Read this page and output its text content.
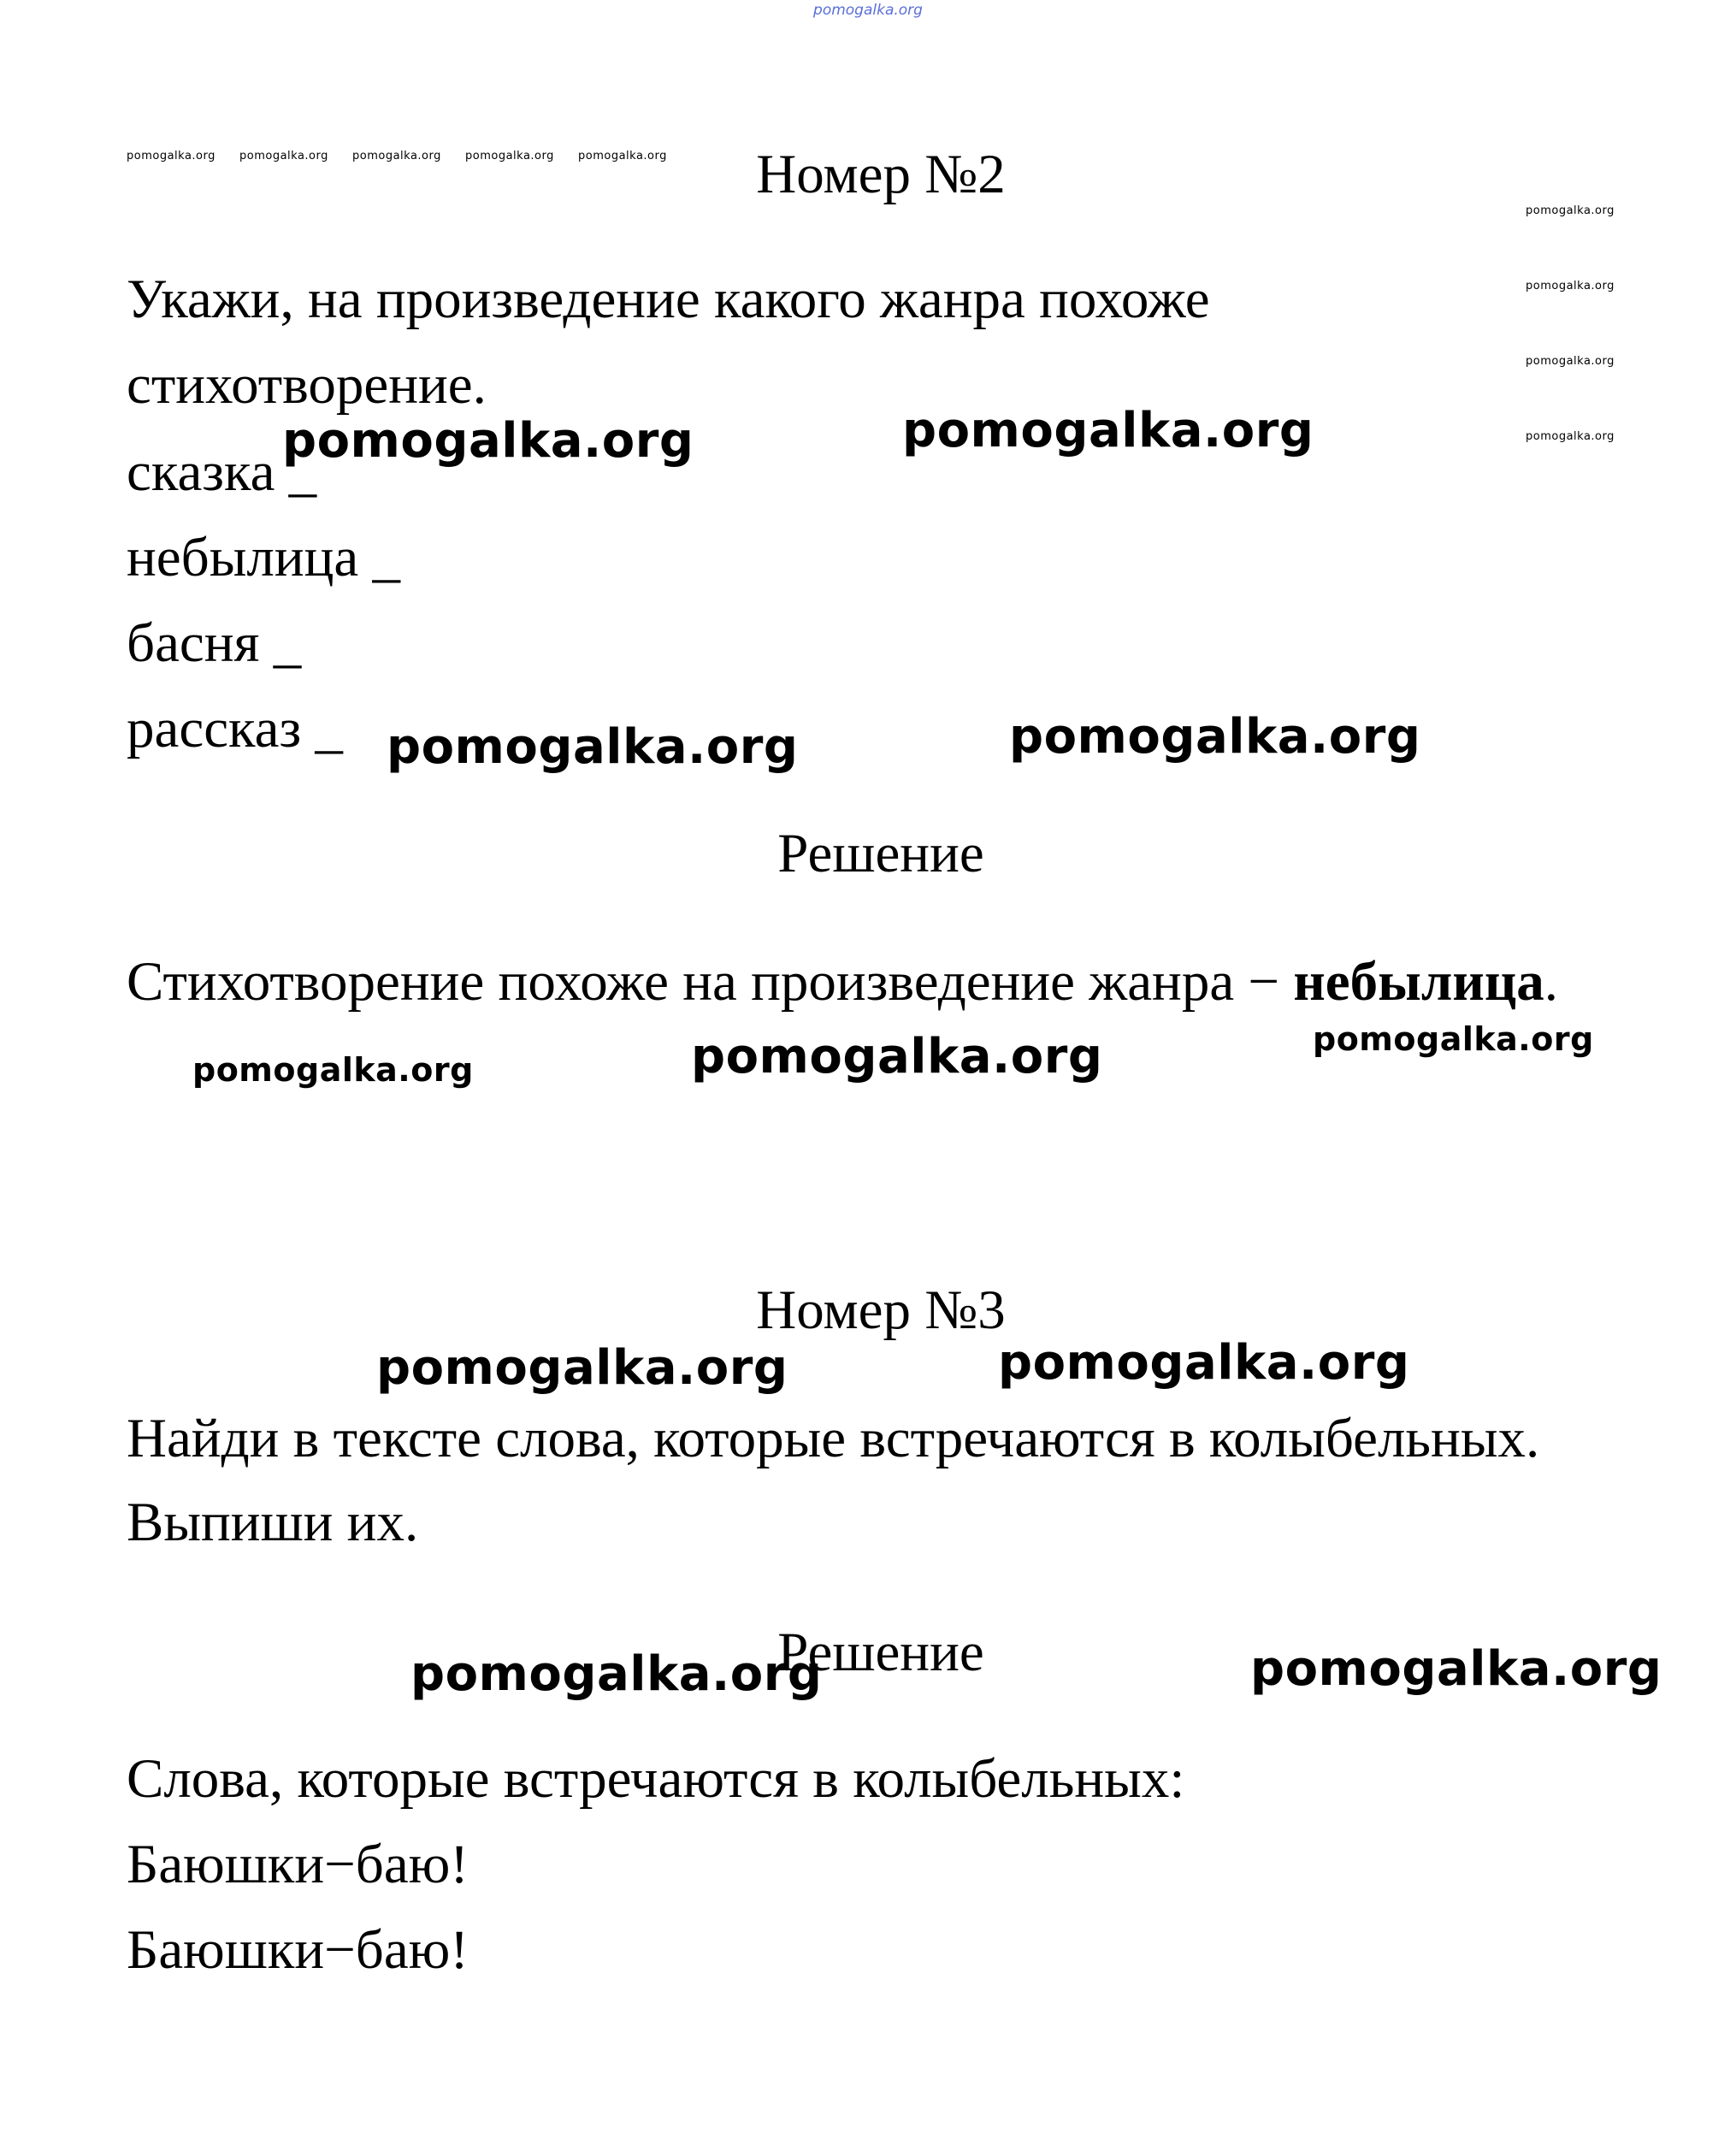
pomogalka.org
pomogalka.org pomogalka.org pomogalka.org pomogalka.org pomogalka.org
pomogalka.org
pomogalka.org
pomogalka.org
pomogalka.org
Номер №2

Укажи, на произведение какого жанра похоже

стихотворение.

сказка _

небылица _

басня _

рассказ _

pomogalka.org	pomogalka.org
pomogalka.org	pomogalka.org
Решение

Стихотворение похоже на произведение жанра − небылица.

pomogalka.org	pomogalka.org	pomogalka.org
Номер №3
pomogalka.org	pomogalka.org

Найди в тексте слова, которые встречаются в колыбельных.

Выпиши их.

Решение
pomogalka.org	pomogalka.org

Слова, которые встречаются в колыбельных:

Баюшки−баю!

Баюшки−баю!
